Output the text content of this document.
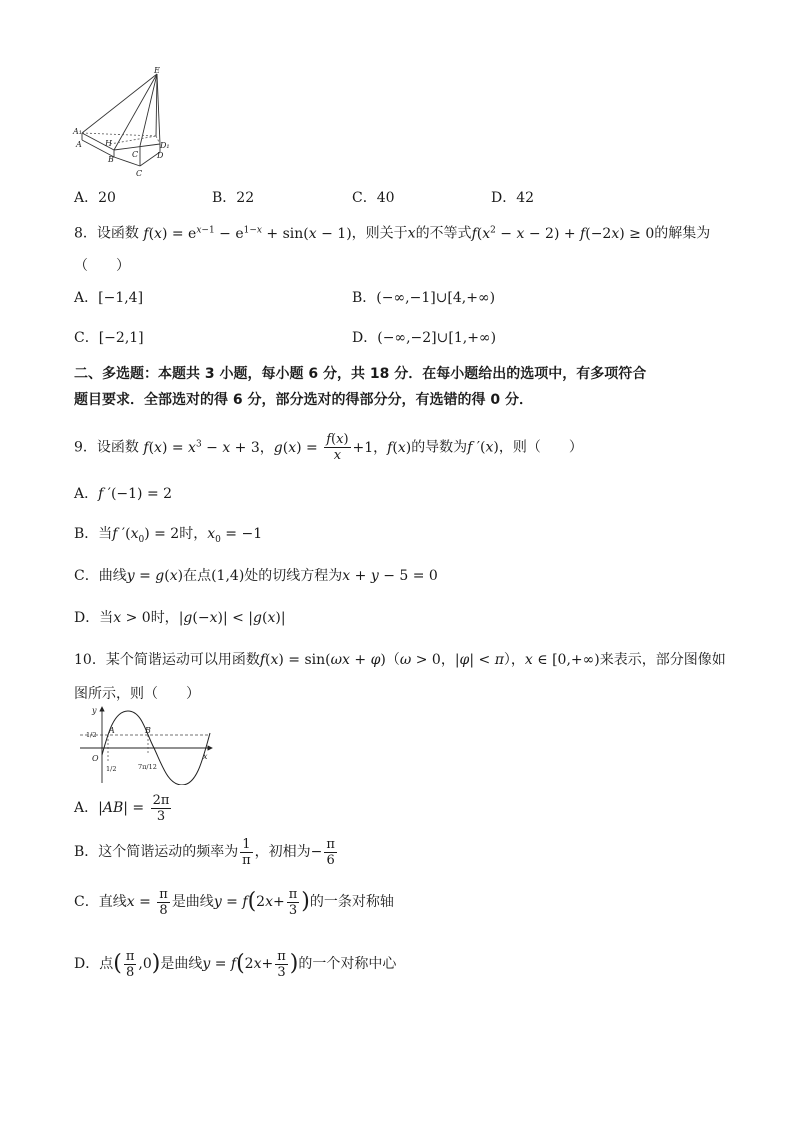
E
A₁
A	H
B
C
D₁
D
C
A．20	B．22	C．40	D．42
8．设函数 $f(x) = e^{x-1} - e^{1-x} + \sin(x - 1)$，则关于x的不等式$f(x^2 - x - 2) + f(-2x) \ge 0$的解集为
（　　）
A．[−1,4]	B．(−∞,−1]∪[4,+∞)
C．[−2,1]	D．(−∞,−2]∪[1,+∞)
二、多选题：本题共 3 小题，每小题 6 分，共 18 分．在每小题给出的选项中，有多项符合
题目要求．全部选对的得 6 分，部分选对的得部分分，有选错的得 0 分．
9．设函数 $f(x) = x^3 - x + 3$，$g(x) = \frac{f(x)}{x} +1$，f(x)的导数为f ′(x)，则（　　）
A．f ′(−1) = 2
B．当f $'(x_0) = 2$时，$x_0 = -1$
C．曲线y = g(x)在点(1,4)处的切线方程为x + y − 5 = 0
D．当x > 0时，|g(−x)| < |g(x)|
10．某个简谐运动可以用函数f(x) = sin(ωx + φ)（ω > 0，|φ| < π），x ∈ [0,+∞)来表示，部分图像如
图所示，则（　　）
y
1/2 A	B
O
1/2	7π/12
x
A．$|AB| = \frac{2\pi}{3}$
B．这个简谐运动的频率为 $\frac{1}{\pi}$ ，初相为− $\frac{\pi}{6}$
C．直线$x = \frac{\pi}{8}$ 是曲线$y = f(2x+ \frac{\pi}{3}$ )的一条对称轴
D．点( $\frac{\pi}{8} ,0$)是曲线$y = f(2x+ \frac{\pi}{3}$ )的一个对称中心
